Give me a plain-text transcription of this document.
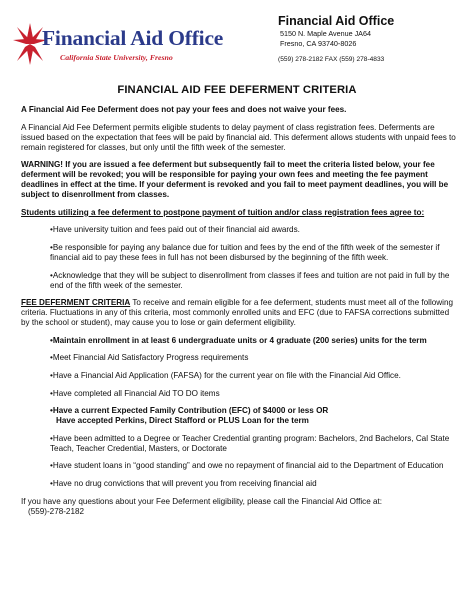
Financial Aid Office
California State University, Fresno
Financial Aid Office
5150 N. Maple Avenue JA64
Fresno, CA 93740-8026
(559) 278-2182 FAX (559) 278-4833
FINANCIAL AID FEE DEFERMENT CRITERIA

A Financial Aid Fee Deferment does not pay your fees and does not waive your fees.

A Financial Aid Fee Deferment permits eligible students to delay payment of class registration fees. Deferments are issued based on the expectation that fees will be paid by financial aid. This deferment allows students with unpaid fees to remain registered for classes, but only until the fifth week of the semester.

WARNING! If you are issued a fee deferment but subsequently fail to meet the criteria listed below, your fee deferment will be revoked; you will be responsible for paying your own fees and meeting the fee payment deadlines in effect at the time. If your deferment is revoked and you fail to meet payment deadlines, you will be subject to disenrollment from classes.

Students utilizing a fee deferment to postpone payment of tuition and/or class registration fees agree to:

•Have university tuition and fees paid out of their financial aid awards.

•Be responsible for paying any balance due for tuition and fees by the end of the fifth week of the semester if financial aid to pay these fees in full has not been disbursed by the beginning of the fifth week.

•Acknowledge that they will be subject to disenrollment from classes if fees and tuition are not paid in full by the end of the fifth week of the semester.

FEE DEFERMENT CRITERIA To receive and remain eligible for a fee deferment, students must meet all of the following criteria. Fluctuations in any of this criteria, most commonly enrolled units and EFC (due to FAFSA corrections submitted by the school or student), may cause you to lose or gain deferment eligibility.

•Maintain enrollment in at least 6 undergraduate units or 4 graduate (200 series) units for the term

•Meet Financial Aid Satisfactory Progress requirements

•Have a Financial Aid Application (FAFSA) for the current year on file with the Financial Aid Office.

•Have completed all Financial Aid TO DO items

•Have a current Expected Family Contribution (EFC) of $4000 or less OR
Have accepted Perkins, Direct Stafford or PLUS Loan for the term

•Have been admitted to a Degree or Teacher Credential granting program: Bachelors, 2nd Bachelors, Cal State Teach, Teacher Credential, Masters, or Doctorate

•Have student loans in “good standing” and owe no repayment of financial aid to the Department of Education

•Have no drug convictions that will prevent you from receiving financial aid

If you have any questions about your Fee Deferment eligibility, please call the Financial Aid Office at:
(559)-278-2182
